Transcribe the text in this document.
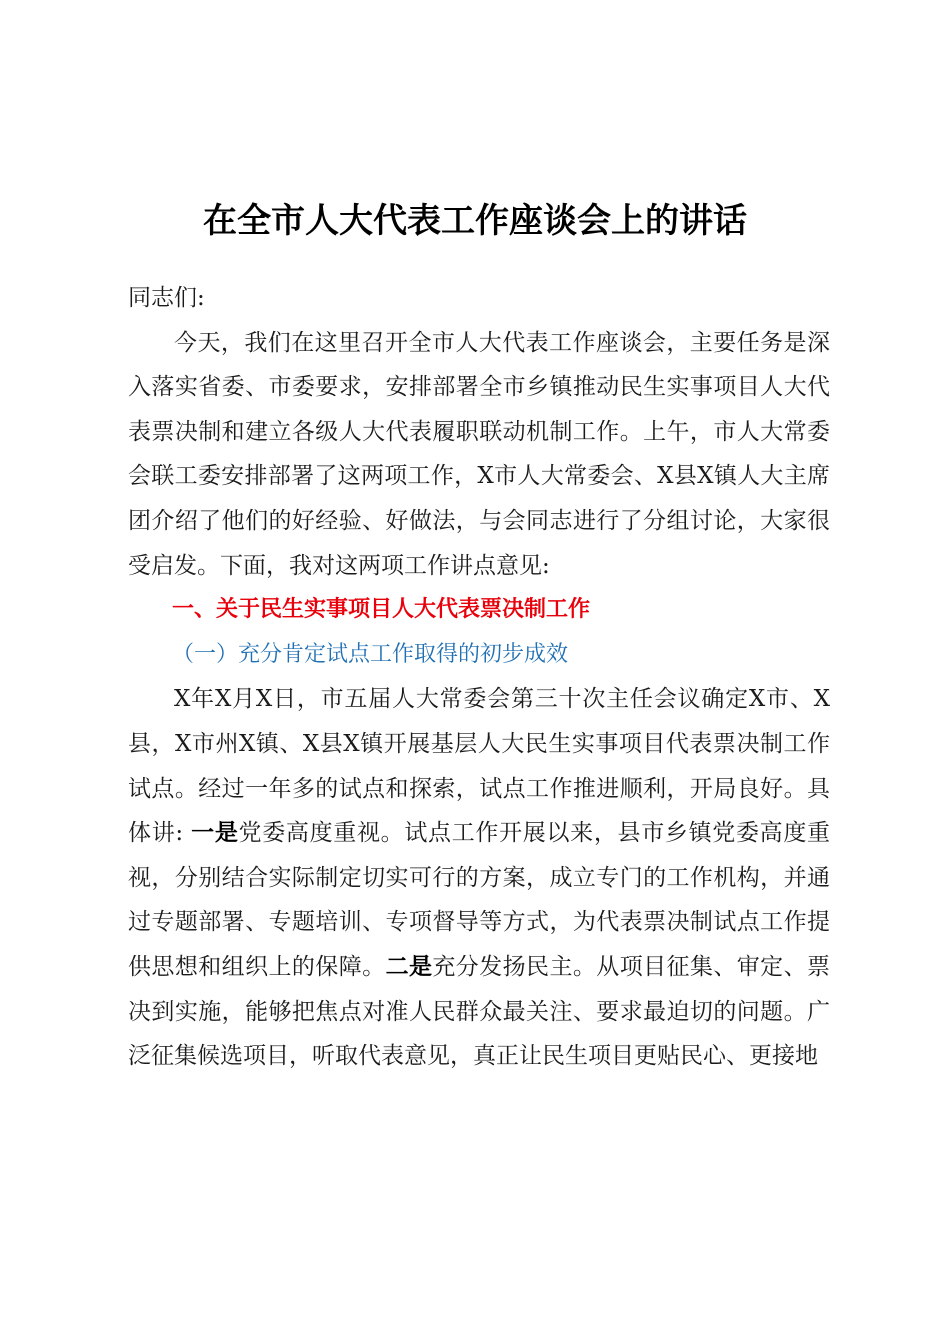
在全市人大代表工作座谈会上的讲话

同志们:

今天，我们在这里召开全市人大代表工作座谈会，主要任务是深入落实省委、市委要求，安排部署全市乡镇推动民生实事项目人大代表票决制和建立各级人大代表履职联动机制工作。上午，市人大常委会联工委安排部署了这两项工作，X市人大常委会、X县X镇人大主席团介绍了他们的好经验、好做法，与会同志进行了分组讨论，大家很受启发。下面，我对这两项工作讲点意见:

一、关于民生实事项目人大代表票决制工作

（一）充分肯定试点工作取得的初步成效

X年X月X日，市五届人大常委会第三十次主任会议确定X市、X县，X市州X镇、X县X镇开展基层人大民生实事项目代表票决制工作试点。经过一年多的试点和探索，试点工作推进顺利，开局良好。具体讲: 一是党委高度重视。试点工作开展以来，县市乡镇党委高度重视，分别结合实际制定切实可行的方案，成立专门的工作机构，并通过专题部署、专题培训、专项督导等方式，为代表票决制试点工作提供思想和组织上的保障。二是充分发扬民主。从项目征集、审定、票决到实施，能够把焦点对准人民群众最关注、要求最迫切的问题。广泛征集候选项目，听取代表意见，真正让民生项目更贴民心、更接地
